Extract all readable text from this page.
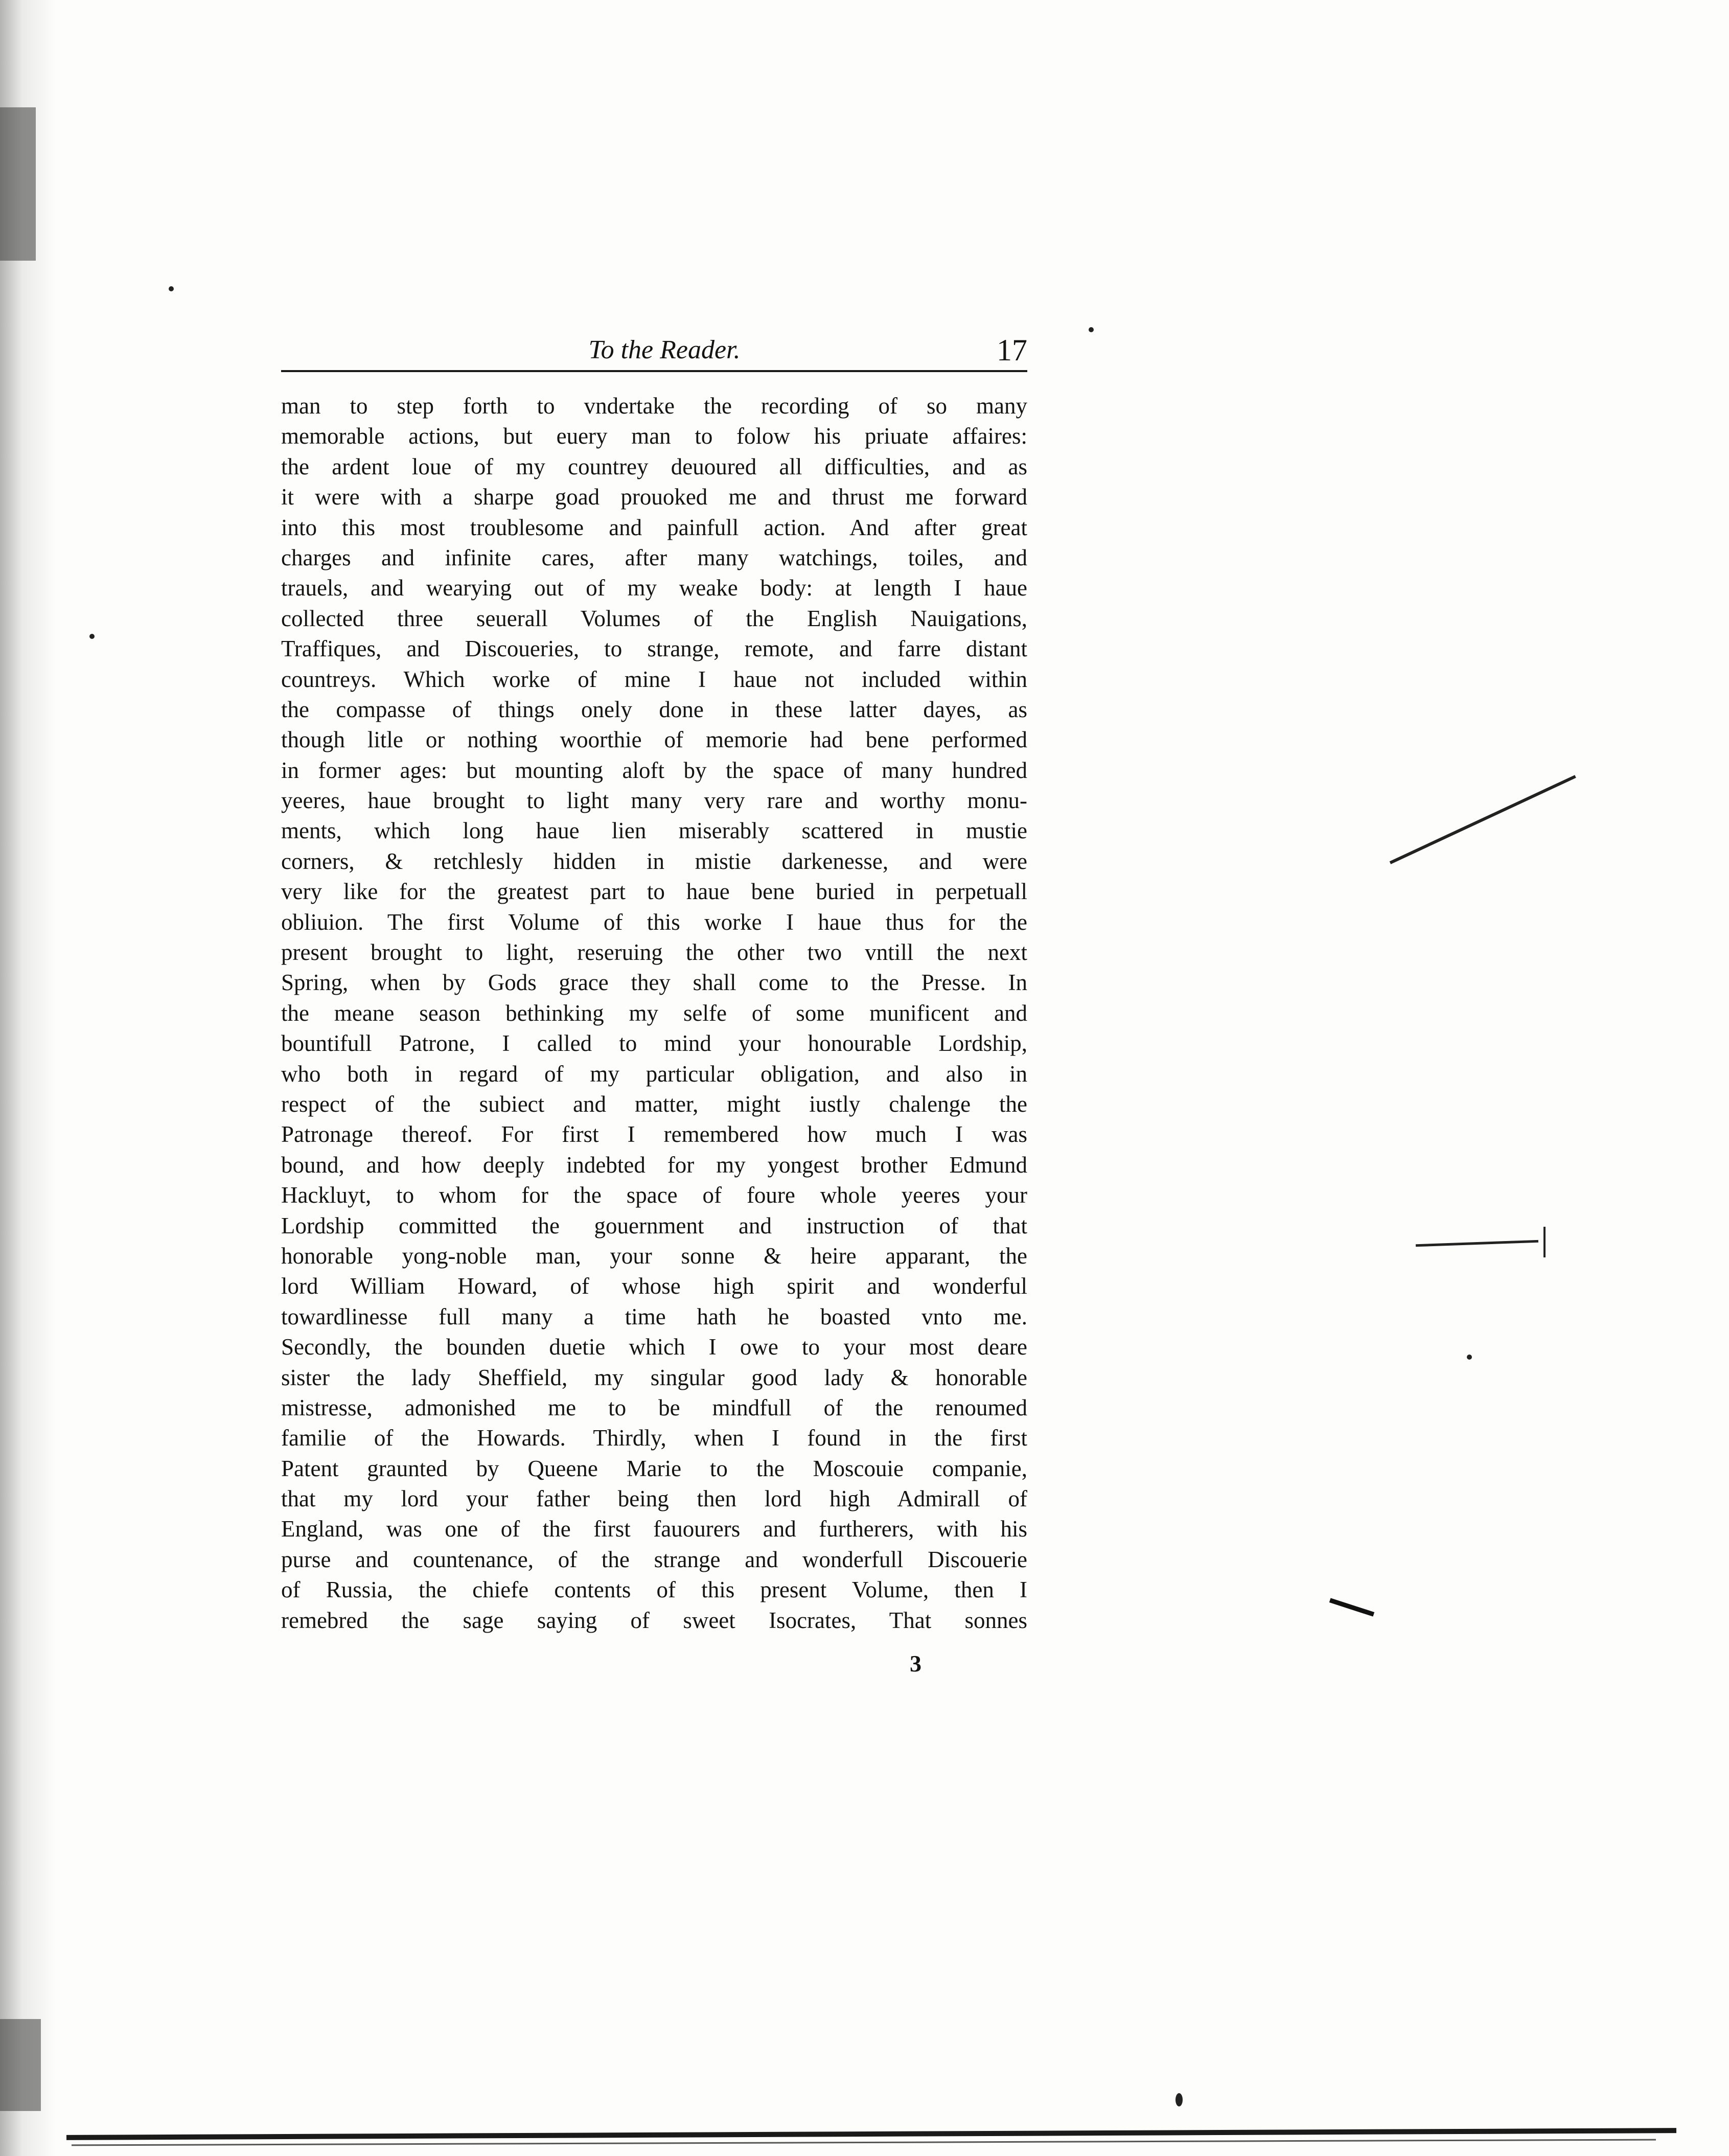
To the Reader.	17
man to step forth to vndertake the recording of so many
memorable actions, but euery man to folow his priuate affaires:
the ardent loue of my countrey deuoured all difficulties, and as
it were with a sharpe goad prouoked me and thrust me forward
into this most troublesome and painfull action. And after great
charges and infinite cares, after many watchings, toiles, and
trauels, and wearying out of my weake body: at length I haue
collected three seuerall Volumes of the English Nauigations,
Traffiques, and Discoueries, to strange, remote, and farre distant
countreys. Which worke of mine I haue not included within
the compasse of things onely done in these latter dayes, as
though litle or nothing woorthie of memorie had bene performed
in former ages: but mounting aloft by the space of many hundred
yeeres, haue brought to light many very rare and worthy monu-
ments, which long haue lien miserably scattered in mustie
corners, & retchlesly hidden in mistie darkenesse, and were
very like for the greatest part to haue bene buried in perpetuall
obliuion. The first Volume of this worke I haue thus for the
present brought to light, reseruing the other two vntill the next
Spring, when by Gods grace they shall come to the Presse. In
the meane season bethinking my selfe of some munificent and
bountifull Patrone, I called to mind your honourable Lordship,
who both in regard of my particular obligation, and also in
respect of the subiect and matter, might iustly chalenge the
Patronage thereof. For first I remembered how much I was
bound, and how deeply indebted for my yongest brother Edmund
Hackluyt, to whom for the space of foure whole yeeres your
Lordship committed the gouernment and instruction of that
honorable yong-noble man, your sonne & heire apparant, the
lord William Howard, of whose high spirit and wonderful
towardlinesse full many a time hath he boasted vnto me.
Secondly, the bounden duetie which I owe to your most deare
sister the lady Sheffield, my singular good lady & honorable
mistresse, admonished me to be mindfull of the renoumed
familie of the Howards. Thirdly, when I found in the first
Patent graunted by Queene Marie to the Moscouie companie,
that my lord your father being then lord high Admirall of
England, was one of the first fauourers and furtherers, with his
purse and countenance, of the strange and wonderfull Discouerie
of Russia, the chiefe contents of this present Volume, then I
remebred the sage saying of sweet Isocrates, That sonnes
3
